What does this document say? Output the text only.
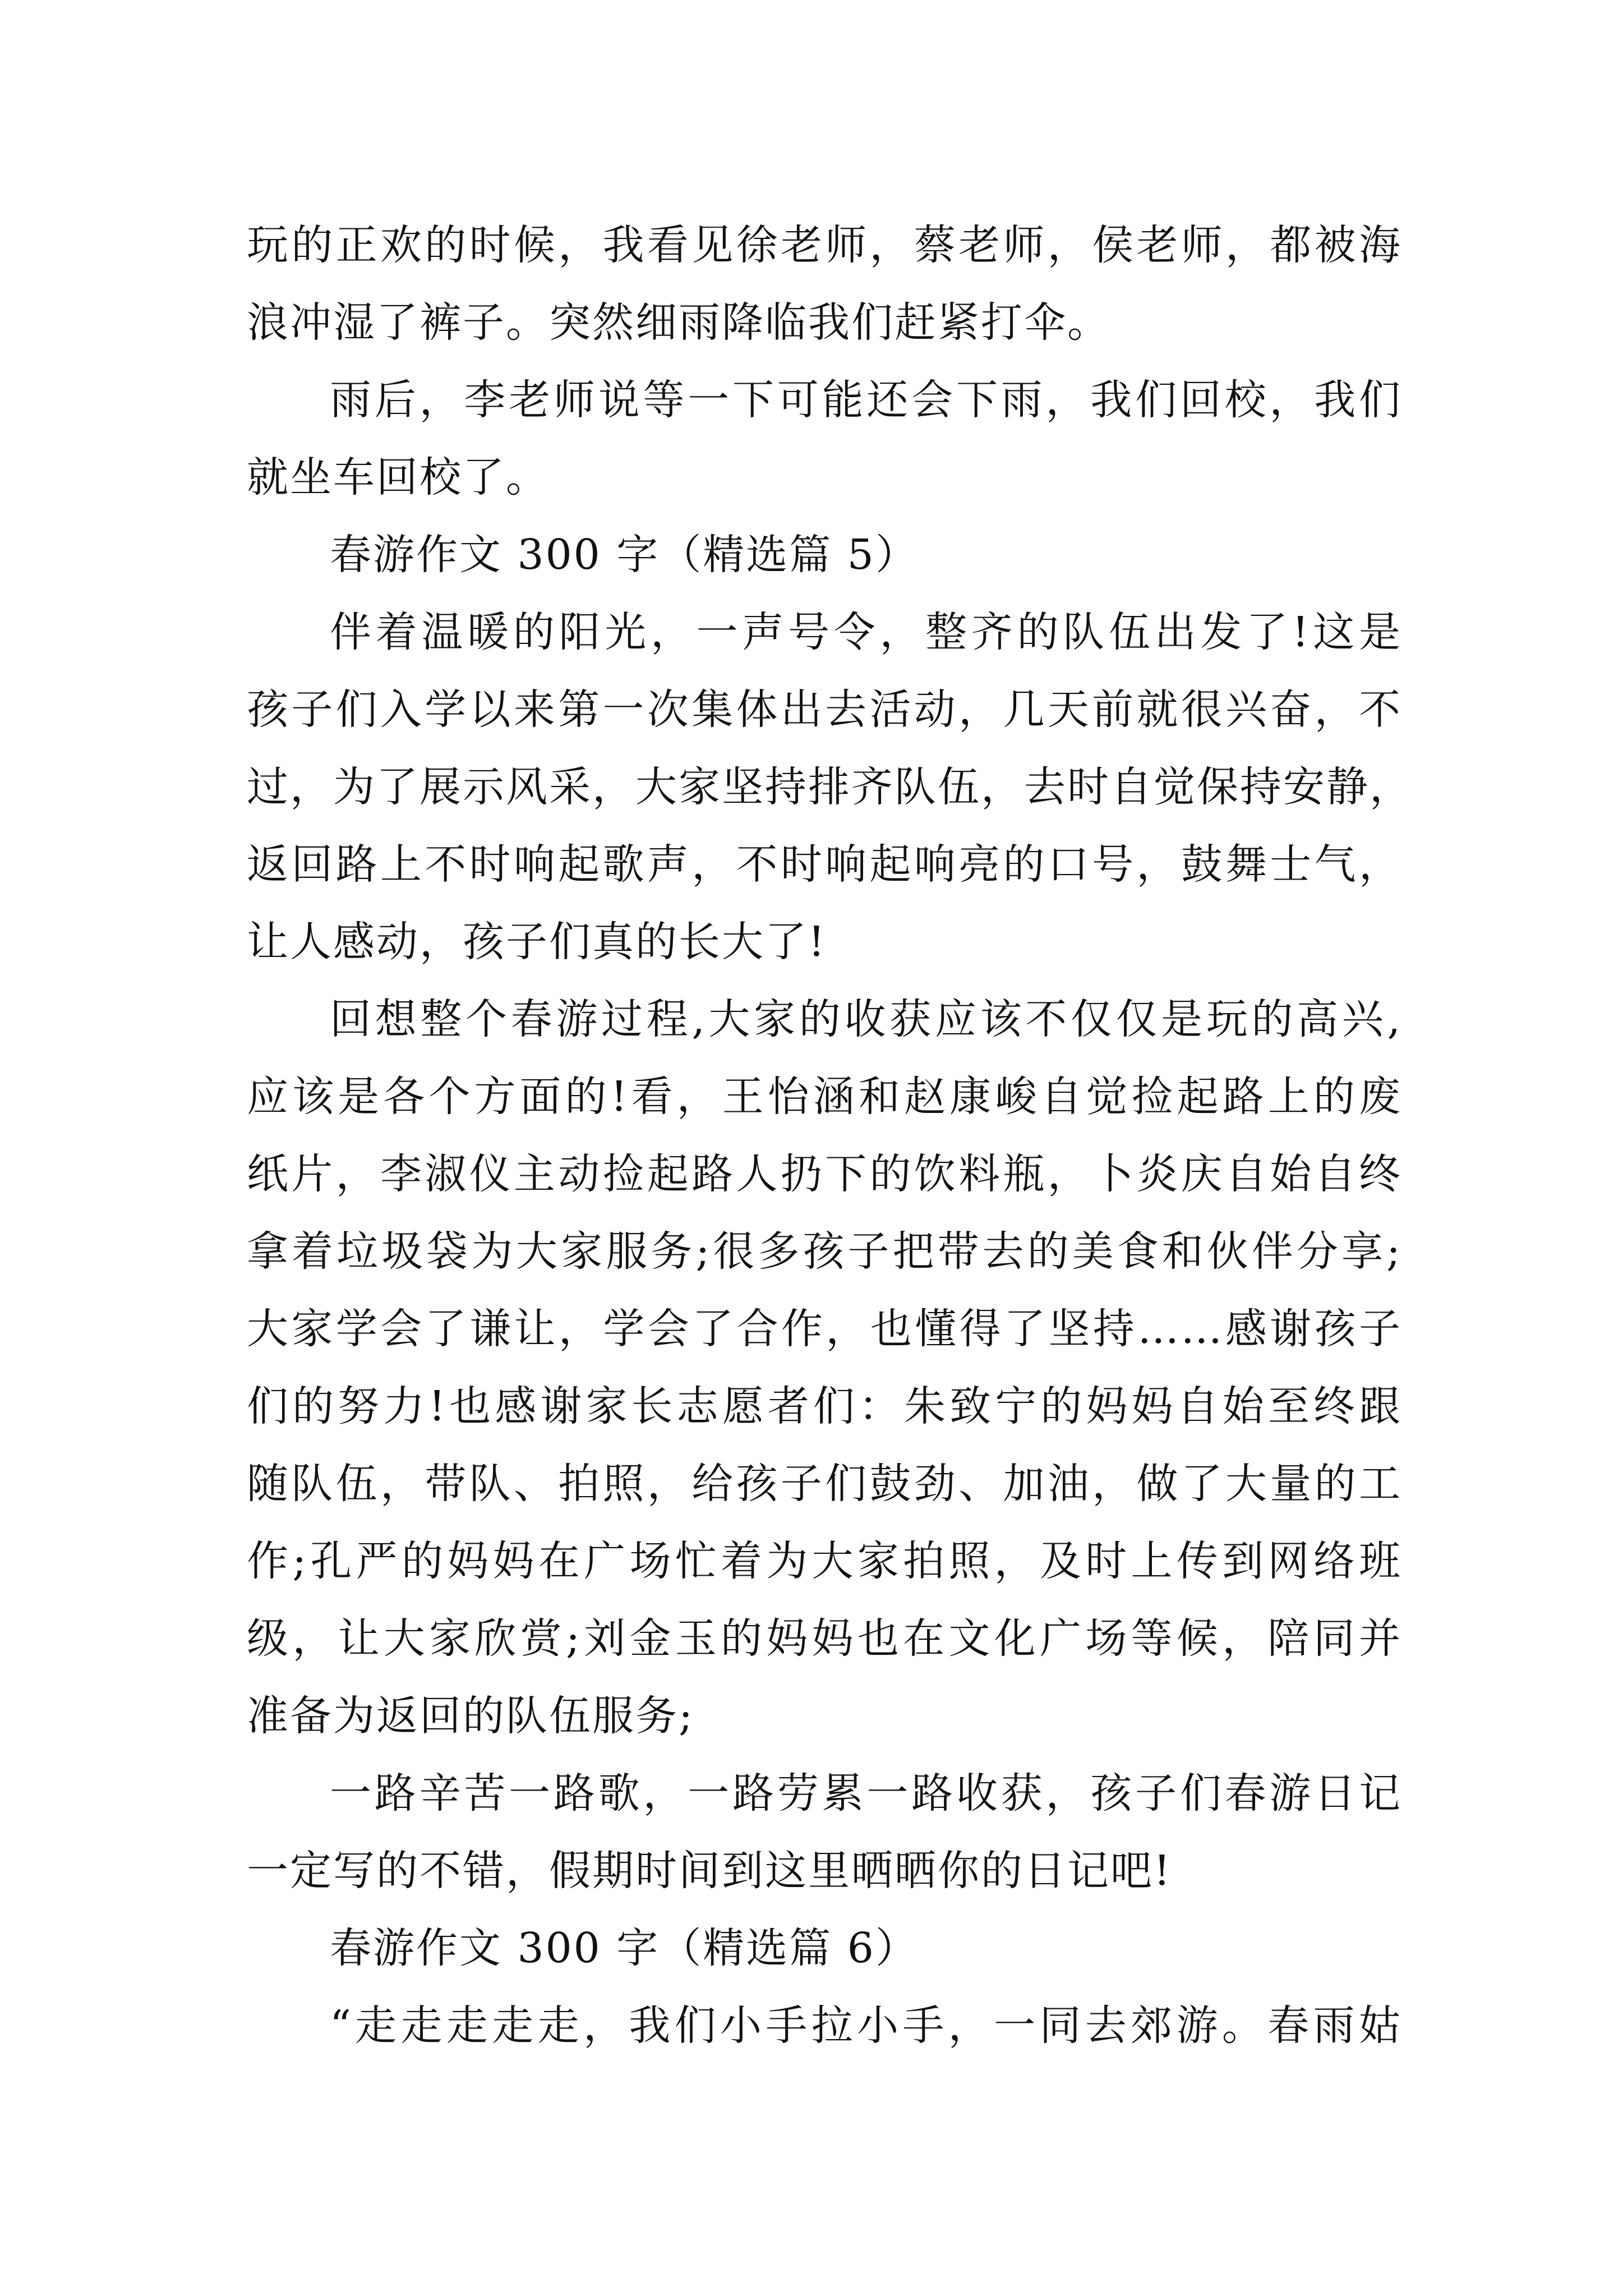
玩的正欢的时候，我看见徐老师，蔡老师，侯老师，都被海
浪冲湿了裤子。突然细雨降临我们赶紧打伞。
雨后，李老师说等一下可能还会下雨，我们回校，我们
就坐车回校了。
春游作文 300 字（精选篇 5）
伴着温暖的阳光，一声号令，整齐的队伍出发了!这是
孩子们入学以来第一次集体出去活动，几天前就很兴奋，不
过，为了展示风采，大家坚持排齐队伍，去时自觉保持安静，
返回路上不时响起歌声，不时响起响亮的口号，鼓舞士气，
让人感动，孩子们真的长大了!
回想整个春游过程,大家的收获应该不仅仅是玩的高兴,
应该是各个方面的!看，王怡涵和赵康峻自觉捡起路上的废
纸片，李淑仪主动捡起路人扔下的饮料瓶，卜炎庆自始自终
拿着垃圾袋为大家服务;很多孩子把带去的美食和伙伴分享;
大家学会了谦让，学会了合作，也懂得了坚持……感谢孩子
们的努力!也感谢家长志愿者们：朱致宁的妈妈自始至终跟
随队伍，带队、拍照，给孩子们鼓劲、加油，做了大量的工
作;孔严的妈妈在广场忙着为大家拍照，及时上传到网络班
级，让大家欣赏;刘金玉的妈妈也在文化广场等候，陪同并
准备为返回的队伍服务;
一路辛苦一路歌，一路劳累一路收获，孩子们春游日记
一定写的不错，假期时间到这里晒晒你的日记吧!
春游作文 300 字（精选篇 6）
“走走走走走，我们小手拉小手，一同去郊游。春雨姑
